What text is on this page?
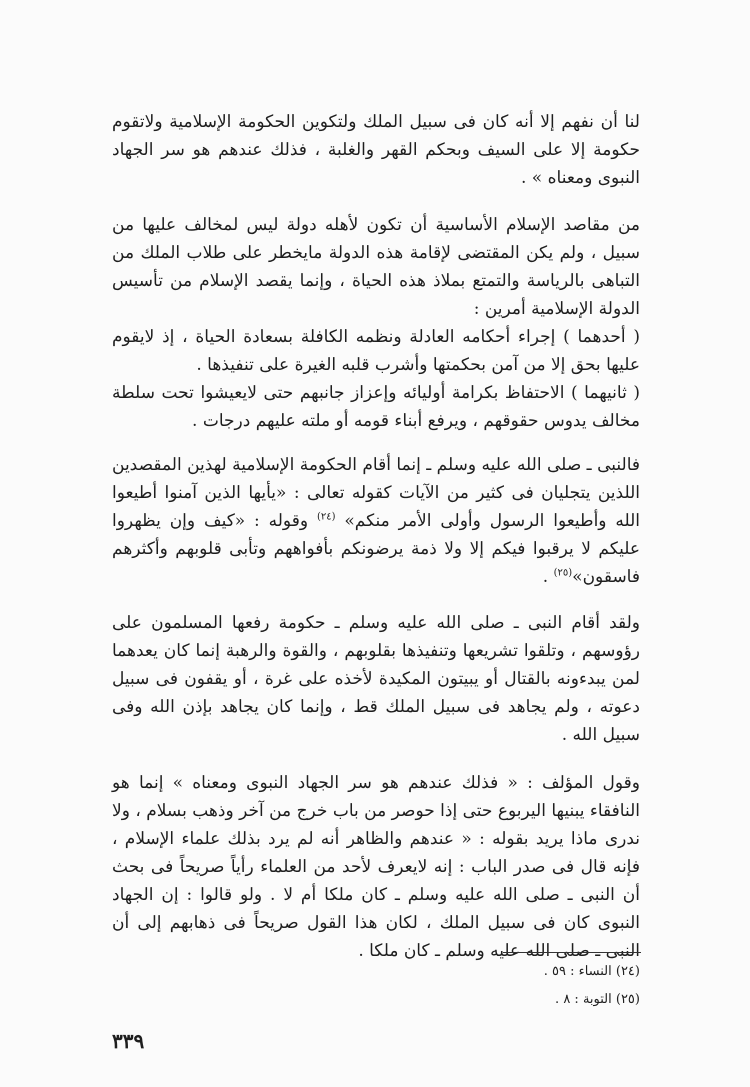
لنا أن نفهم إلا أنه كان فى سبيل الملك ولتكوين الحكومة الإسلامية ولاتقوم حكومة إلا على السيف وبحكم القهر والغلبة ، فذلك عندهم هو سر الجهاد النبوى ومعناه » .

من مقاصد الإسلام الأساسية أن تكون لأهله دولة ليس لمخالف عليها من سبيل ، ولم يكن المقتضى لإقامة هذه الدولة مايخطر على طلاب الملك من التباهى بالرياسة والتمتع بملاذ هذه الحياة ، وإنما يقصد الإسلام من تأسيس الدولة الإسلامية أمرين :

( أحدهما ) إجراء أحكامه العادلة ونظمه الكافلة بسعادة الحياة ، إذ لايقوم عليها بحق إلا من آمن بحكمتها وأشرب قلبه الغيرة على تنفيذها .

( ثانيهما ) الاحتفاظ بكرامة أوليائه وإعزاز جانبهم حتى لايعيشوا تحت سلطة مخالف يدوس حقوقهم ، ويرفع أبناء قومه أو ملته عليهم درجات .

فالنبى ـ صلى الله عليه وسلم ـ إنما أقام الحكومة الإسلامية لهذين المقصدين اللذين يتجليان فى كثير من الآيات كقوله تعالى : «يأيها الذين آمنوا أطيعوا الله وأطيعوا الرسول وأولى الأمر منكم» $^{(٢٤)}$ وقوله : «كيف وإن يظهروا عليكم لا يرقبوا فيكم إلا ولا ذمة يرضونكم بأفواههم وتأبى قلوبهم وأكثرهم فاسقون»$^{(٢٥)}$ .

ولقد أقام النبى ـ صلى الله عليه وسلم ـ حكومة رفعها المسلمون على رؤوسهم ، وتلقوا تشريعها وتنفيذها بقلوبهم ، والقوة والرهبة إنما كان يعدهما لمن يبدءونه بالقتال أو يبيتون المكيدة لأخذه على غرة ، أو يقفون فى سبيل دعوته ، ولم يجاهد فى سبيل الملك قط ، وإنما كان يجاهد بإذن الله وفى سبيل الله .

وقول المؤلف : « فذلك عندهم هو سر الجهاد النبوى ومعناه » إنما هو النافقاء يبنيها اليربوع حتى إذا حوصر من باب خرج من آخر وذهب بسلام ، ولا ندرى ماذا يريد بقوله : « عندهم والظاهر أنه لم يرد بذلك علماء الإسلام ، فإنه قال فى صدر الباب : إنه لايعرف لأحد من العلماء رأياً صريحاً فى بحث أن النبى ـ صلى الله عليه وسلم ـ كان ملكا أم لا . ولو قالوا : إن الجهاد النبوى كان فى سبيل الملك ، لكان هذا القول صريحاً فى ذهابهم إلى أن النبى ـ صلى الله عليه وسلم ـ كان ملكا .

(٢٤) النساء : ٥٩ .
(٢٥) التوبة : ٨ .
٣٣٩
